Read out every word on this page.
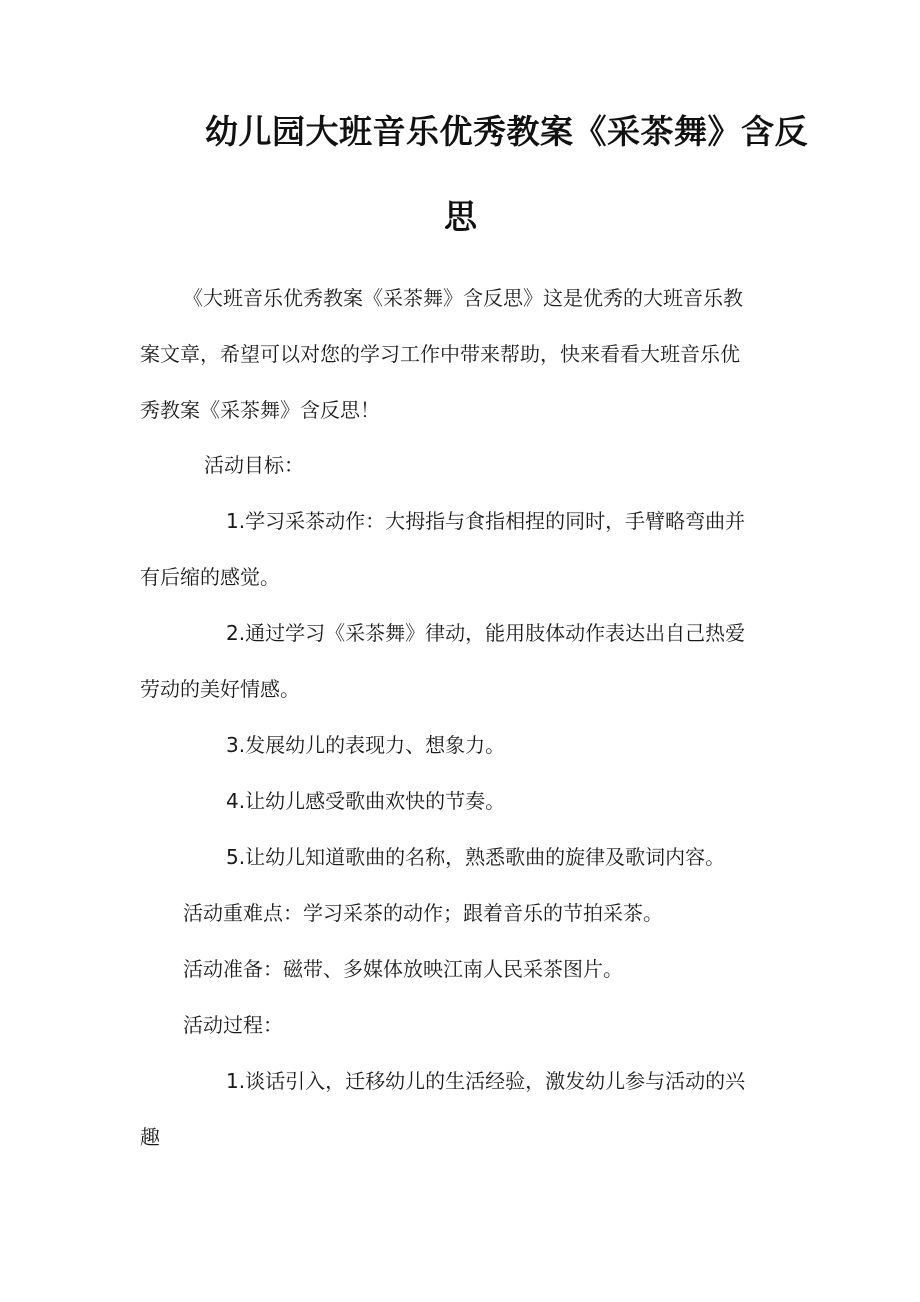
幼儿园大班音乐优秀教案《采茶舞》含反
思

《大班音乐优秀教案《采茶舞》含反思》这是优秀的大班音乐教

案文章，希望可以对您的学习工作中带来帮助，快来看看大班音乐优

秀教案《采茶舞》含反思！

活动目标：

1.学习采茶动作：大拇指与食指相捏的同时，手臂略弯曲并

有后缩的感觉。

2.通过学习《采茶舞》律动，能用肢体动作表达出自己热爱

劳动的美好情感。

3.发展幼儿的表现力、想象力。

4.让幼儿感受歌曲欢快的节奏。

5.让幼儿知道歌曲的名称，熟悉歌曲的旋律及歌词内容。

活动重难点：学习采茶的动作；跟着音乐的节拍采茶。

活动准备：磁带、多媒体放映江南人民采茶图片。

活动过程：

1.谈话引入，迁移幼儿的生活经验，激发幼儿参与活动的兴

趣
